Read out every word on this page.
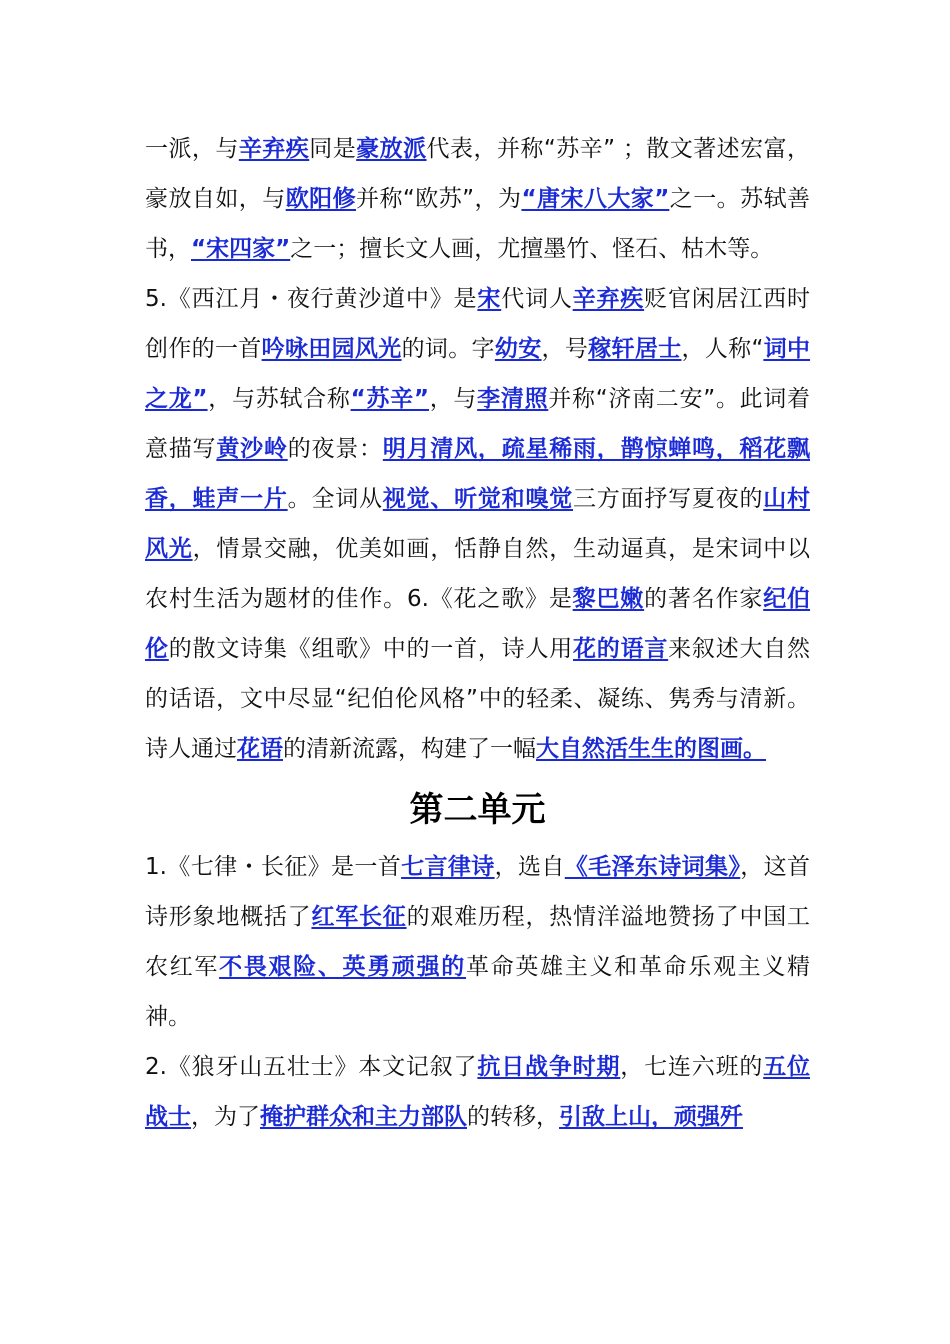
一派，与辛弃疾同是豪放派代表，并称“苏辛” ；散文著述宏富，豪放自如，与欧阳修并称“欧苏”，为“唐宋八大家”之一。苏轼善书，“宋四家”之一；擅长文人画，尤擅墨竹、怪石、枯木等。

5.《西江月・夜行黄沙道中》是宋代词人辛弃疾贬官闲居江西时创作的一首吟咏田园风光的词。字幼安，号稼轩居士，人称“词中之龙”，与苏轼合称“苏辛”，与李清照并称“济南二安”。此词着意描写黄沙岭的夜景：明月清风，疏星稀雨，鹊惊蝉鸣，稻花飘香，蛙声一片。全词从视觉、听觉和嗅觉三方面抒写夏夜的山村风光，情景交融，优美如画，恬静自然，生动逼真，是宋词中以农村生活为题材的佳作。6.《花之歌》是黎巴嫩的著名作家纪伯伦的散文诗集《组歌》中的一首，诗人用花的语言来叙述大自然的话语，文中尽显“纪伯伦风格”中的轻柔、凝练、隽秀与清新。诗人通过花语的清新流露，构建了一幅大自然活生生的图画。

第二单元

1.《七律・长征》是一首七言律诗，选自《毛泽东诗词集》，这首诗形象地概括了红军长征的艰难历程，热情洋溢地赞扬了中国工农红军不畏艰险、英勇顽强的革命英雄主义和革命乐观主义精神。

2.《狼牙山五壮士》本文记叙了抗日战争时期，七连六班的五位战士，为了掩护群众和主力部队的转移，引敌上山，顽强歼
